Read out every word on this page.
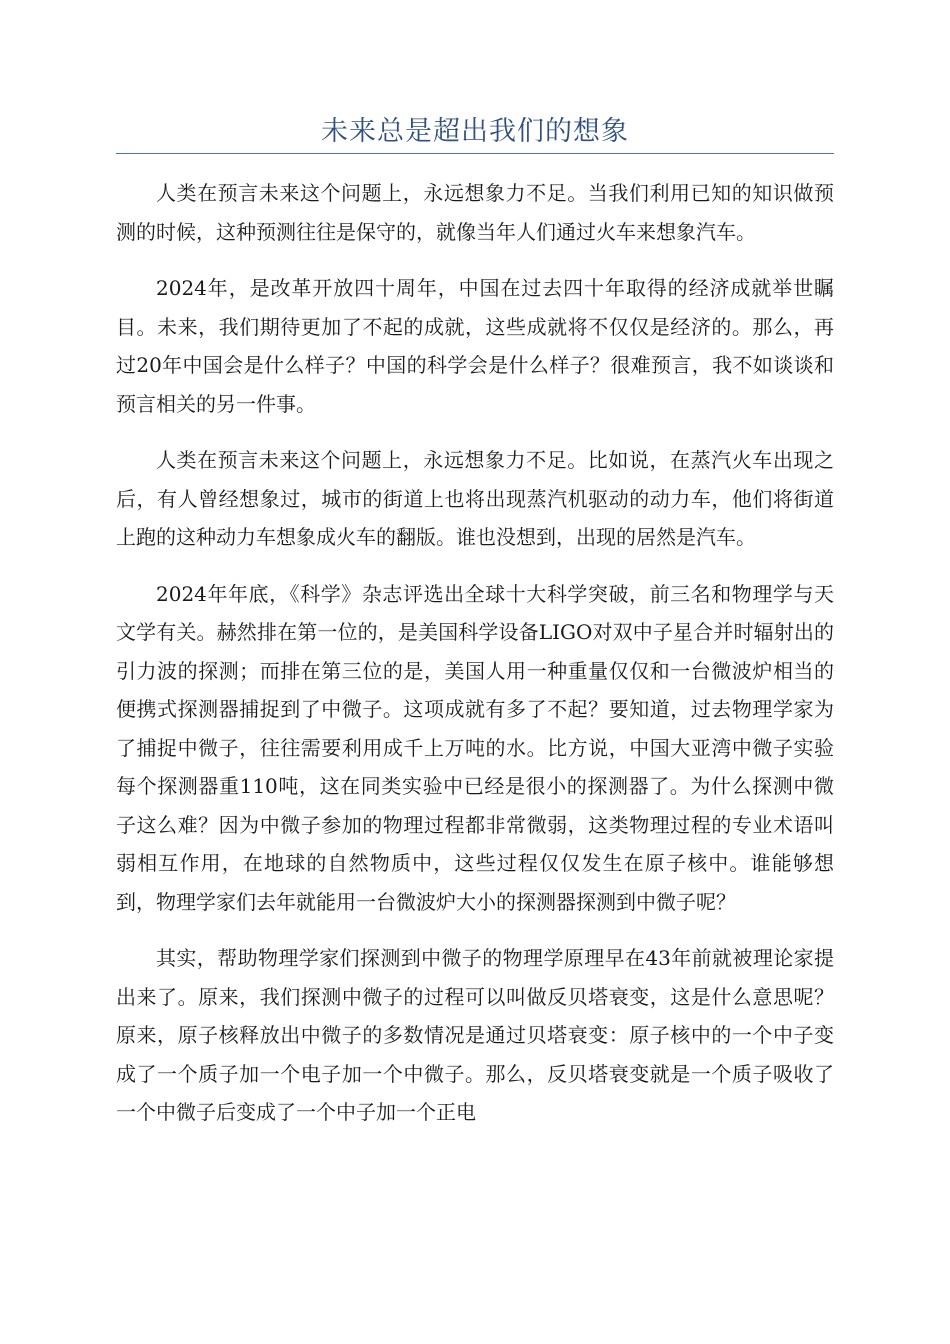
未来总是超出我们的想象

人类在预言未来这个问题上，永远想象力不足。当我们利用已知的知识做预测的时候，这种预测往往是保守的，就像当年人们通过火车来想象汽车。

2024年，是改革开放四十周年，中国在过去四十年取得的经济成就举世瞩目。未来，我们期待更加了不起的成就，这些成就将不仅仅是经济的。那么，再过20年中国会是什么样子？中国的科学会是什么样子？很难预言，我不如谈谈和预言相关的另一件事。

人类在预言未来这个问题上，永远想象力不足。比如说，在蒸汽火车出现之后，有人曾经想象过，城市的街道上也将出现蒸汽机驱动的动力车，他们将街道上跑的这种动力车想象成火车的翻版。谁也没想到，出现的居然是汽车。

2024年年底，《科学》杂志评选出全球十大科学突破，前三名和物理学与天文学有关。赫然排在第一位的，是美国科学设备LIGO对双中子星合并时辐射出的引力波的探测；而排在第三位的是，美国人用一种重量仅仅和一台微波炉相当的便携式探测器捕捉到了中微子。这项成就有多了不起？要知道，过去物理学家为了捕捉中微子，往往需要利用成千上万吨的水。比方说，中国大亚湾中微子实验每个探测器重110吨，这在同类实验中已经是很小的探测器了。为什么探测中微子这么难？因为中微子参加的物理过程都非常微弱，这类物理过程的专业术语叫弱相互作用，在地球的自然物质中，这些过程仅仅发生在原子核中。谁能够想到，物理学家们去年就能用一台微波炉大小的探测器探测到中微子呢？

其实，帮助物理学家们探测到中微子的物理学原理早在43年前就被理论家提出来了。原来，我们探测中微子的过程可以叫做反贝塔衰变，这是什么意思呢？原来，原子核释放出中微子的多数情况是通过贝塔衰变：原子核中的一个中子变成了一个质子加一个电子加一个中微子。那么，反贝塔衰变就是一个质子吸收了一个中微子后变成了一个中子加一个正电
